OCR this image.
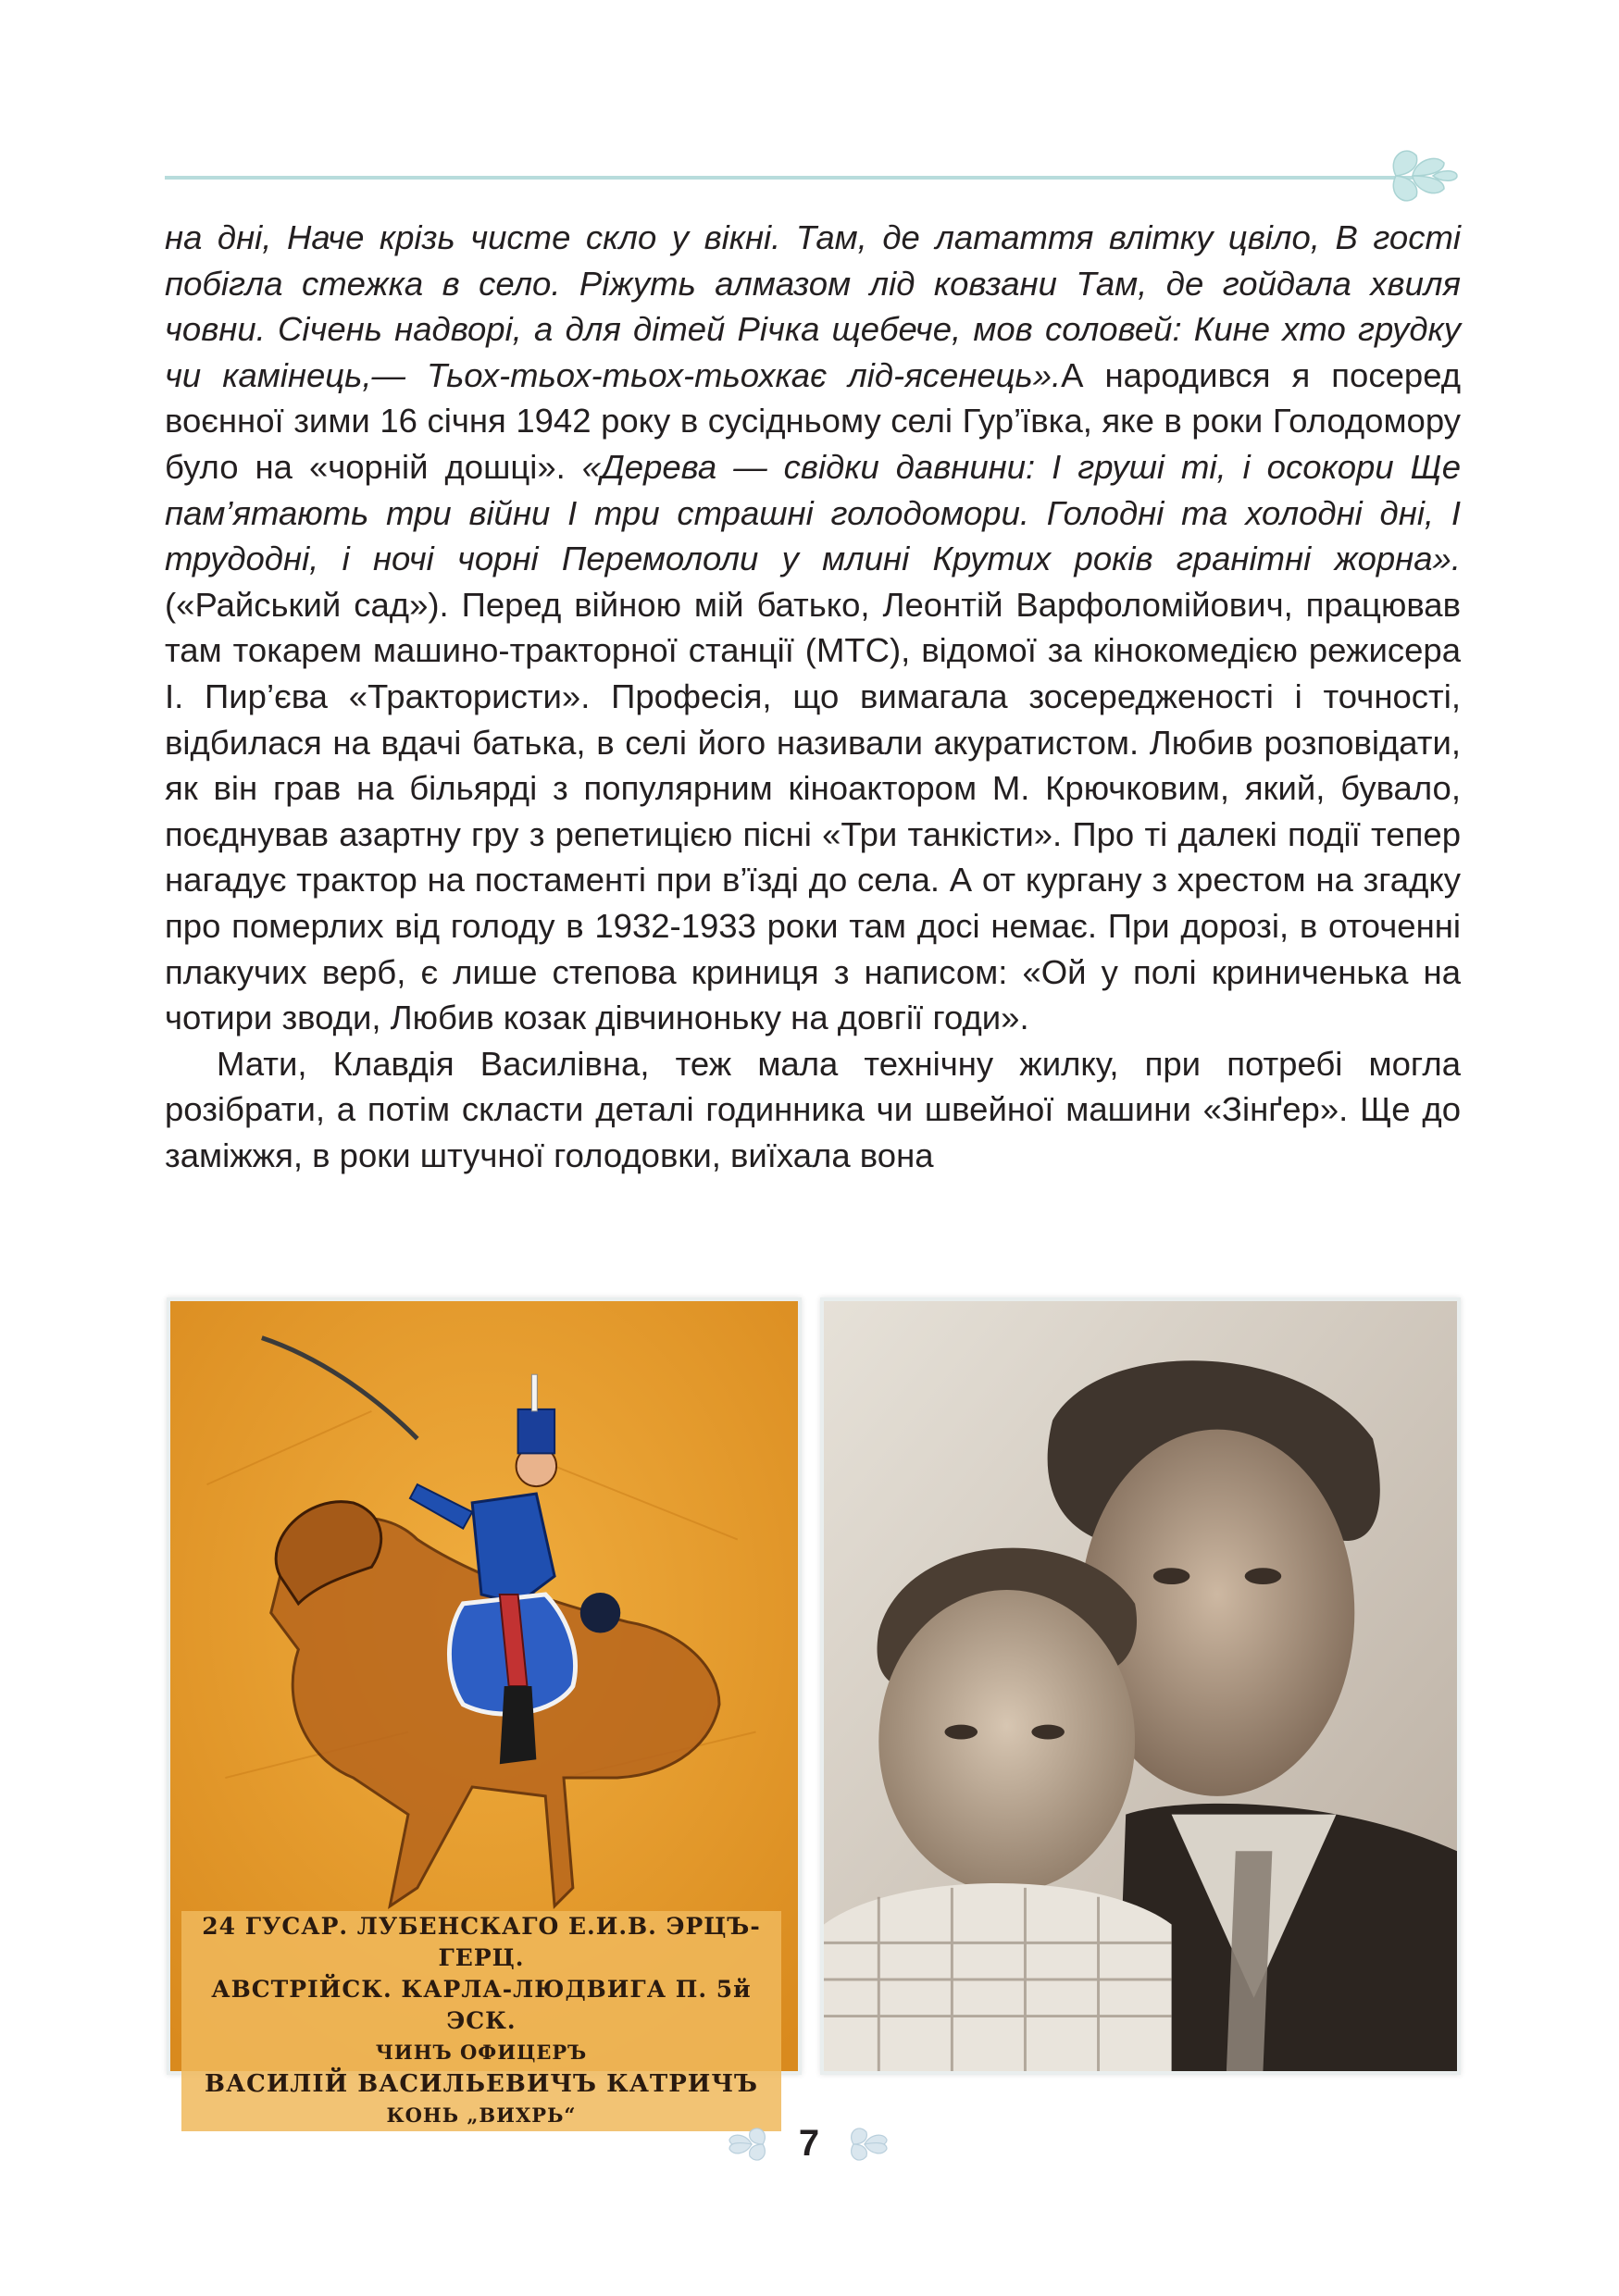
на дні, Наче крізь чисте скло у вікні. Там, де латаття влітку цвіло, В гості побігла стежка в село. Ріжуть алмазом лід ковзани Там, де гойдала хвиля човни. Січень надворі, а для дітей Річка щебече, мов соловей: Кине хто грудку чи камінець,— Тьох-тьох-тьох-тьохкає лід-ясенець».А народився я посеред воєнної зими 16 січня 1942 року в сусідньому селі Гур’ївка, яке в роки Голодомору було на «чорній дошці». «Дерева — свідки давнини: І груші ті, і осокори Ще пам’ятають три війни І три страшні голодомори. Голодні та холодні дні, І трудодні, і ночі чорні Перемололи у млині Крутих років гранітні жорна». («Райський сад»). Перед війною мій батько, Леонтій Варфоломійович, працював там токарем машино-тракторної станції (МТС), відомої за кінокомедією режисера І. Пир’єва «Трактористи». Професія, що вимагала зосередженості і точності, відбилася на вдачі батька, в селі його називали акуратистом. Любив розповідати, як він грав на більярді з популярним кіноактором М. Крючковим, який, бувало, поєднував азартну гру з репетицією пісні «Три танкісти». Про ті далекі події тепер нагадує трактор на постаменті при в’їзді до села. А от кургану з хрестом на згадку про померлих від голоду в 1932-1933 роки там досі немає. При дорозі, в оточенні плакучих верб, є лише степова криниця з написом: «Ой у полі криниченька на чотири зводи, Любив козак дівчиноньку на довгії годи».

Мати, Клавдія Василівна, теж мала технічну жилку, при потребі могла розібрати, а потім скласти деталі годинника чи швейної машини «Зінґер». Ще до заміжжя, в роки штучної голодовки, виїхала вона

24 ГУСАР. ЛУБЕНСКАГО Е.И.В. ЭРЦЪ-ГЕРЦ.
АВСТРІЙСК. КАРЛА-ЛЮДВИГА П. 5й ЭСК.
ЧИНЪ ОФИЦЕРЪ
ВАСИЛІЙ ВАСИЛЬЕВИЧЪ КАТРИЧЪ
КОНЬ „ВИХРЬ“
7
